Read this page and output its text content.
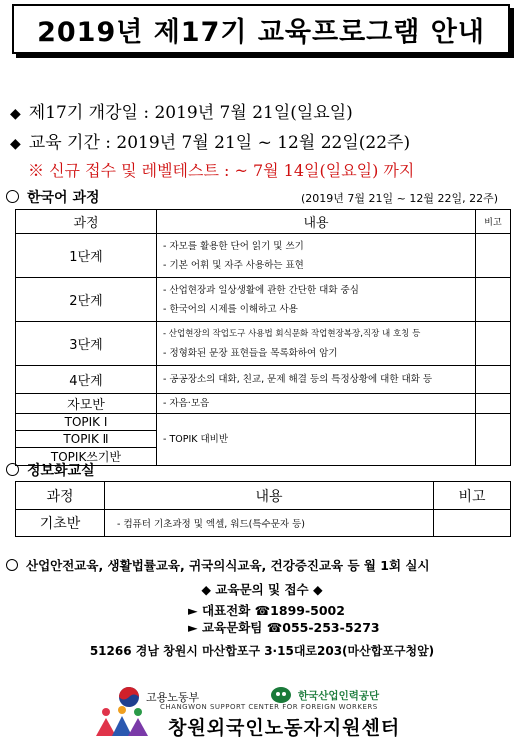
2019년 제17기 교육프로그램 안내
◆ 제17기 개강일 : 2019년 7월 21일(일요일)
◆ 교육 기간 : 2019년 7월 21일 ~ 12월 22일(22주)
※ 신규 접수 및 레벨테스트 : ~ 7월 14일(일요일) 까지
한국어 과정	(2019년 7월 21일 ~ 12월 22일, 22주)
과정	내용	비고
1단계	- 자모를 활용한 단어 읽기 및 쓰기
- 기본 어휘 및 자주 사용하는 표현	

2단계	- 산업현장과 일상생활에 관한 간단한 대화 중심
- 한국어의 시제를 이해하고 사용	

3단계	- 산업현장의 작업도구 사용법 회식문화 작업현장복장,직장 내 호칭 등
- 정형화된 문장 표현들을 목록화하여 암기	

4단계	- 공공장소의 대화, 친교, 문제 해결 등의 특정상황에 대한 대화 등	

자모반	- 자음·모음	

TOPIK Ⅰ	- TOPIK 대비반	

TOPIK Ⅱ		
TOPIK쓰기반		
정보화교실
과정	내용	비고
기초반	- 컴퓨터 기초과정 및 엑셀, 워드(특수문자 등)	
산업안전교육, 생활법률교육, 귀국의식교육, 건강증진교육 등 월 1회 실시
◆ 교육문의 및 접수 ◆
► 대표전화 ☎1899-5002
► 교육문화팀 ☎055-253-5273
51266 경남 창원시 마산합포구 3·15대로203(마산합포구청앞)
고용노동부	한국산업인력공단
CHANGWON SUPPORT CENTER FOR FOREIGN WORKERS
창원외국인노동자지원센터
